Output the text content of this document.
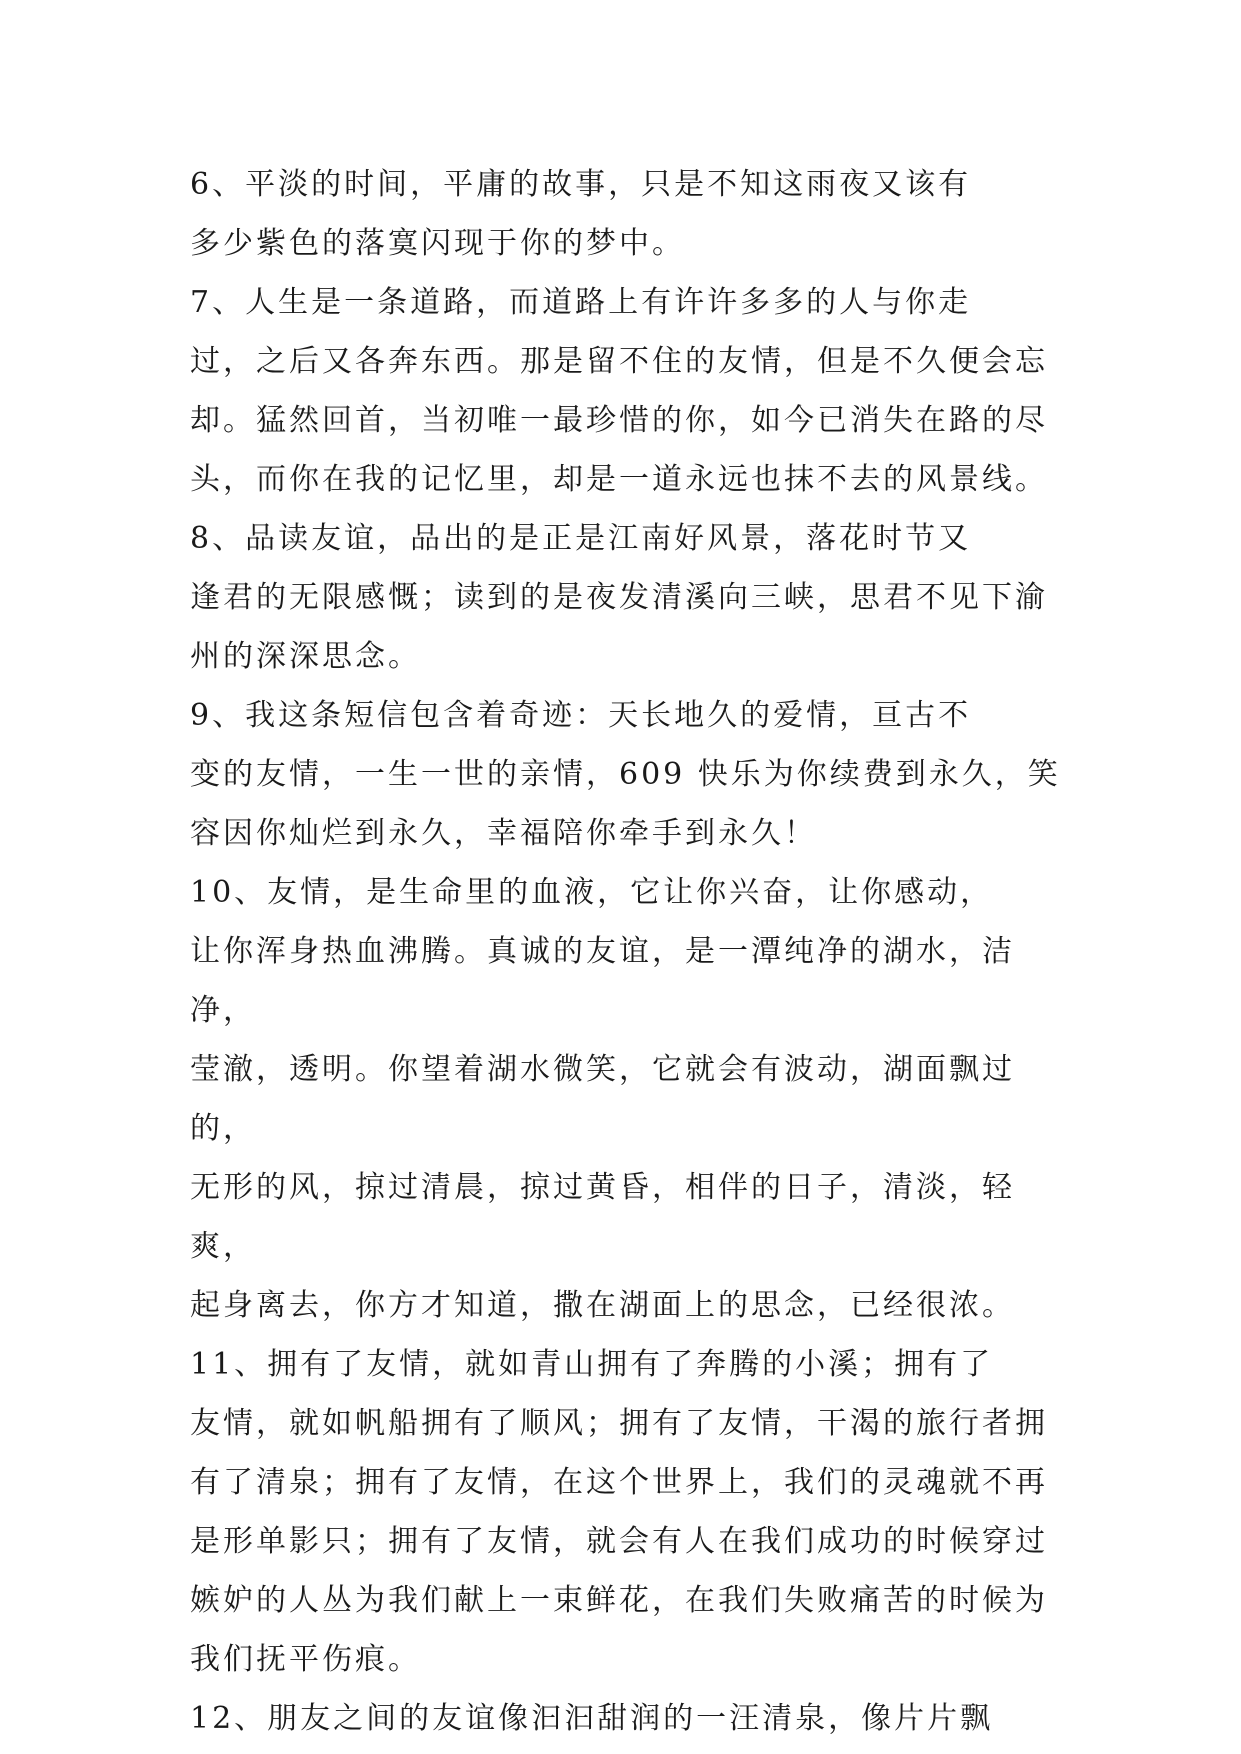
6、平淡的时间，平庸的故事，只是不知这雨夜又该有
多少紫色的落寞闪现于你的梦中。

7、人生是一条道路，而道路上有许许多多的人与你走
过，之后又各奔东西。那是留不住的友情，但是不久便会忘
却。猛然回首，当初唯一最珍惜的你，如今已消失在路的尽
头，而你在我的记忆里，却是一道永远也抹不去的风景线。

8、品读友谊，品出的是正是江南好风景，落花时节又
逢君的无限感慨；读到的是夜发清溪向三峡，思君不见下渝
州的深深思念。

9、我这条短信包含着奇迹：天长地久的爱情，亘古不
变的友情，一生一世的亲情，609 快乐为你续费到永久，笑
容因你灿烂到永久，幸福陪你牵手到永久！

10、友情，是生命里的血液，它让你兴奋，让你感动，
让你浑身热血沸腾。真诚的友谊，是一潭纯净的湖水，洁净，
莹澈，透明。你望着湖水微笑，它就会有波动，湖面飘过的，
无形的风，掠过清晨，掠过黄昏，相伴的日子，清淡，轻爽，
起身离去，你方才知道，撒在湖面上的思念，已经很浓。

11、拥有了友情，就如青山拥有了奔腾的小溪；拥有了
友情，就如帆船拥有了顺风；拥有了友情，干渴的旅行者拥
有了清泉；拥有了友情，在这个世界上，我们的灵魂就不再
是形单影只；拥有了友情，就会有人在我们成功的时候穿过
嫉妒的人丛为我们献上一束鲜花，在我们失败痛苦的时候为
我们抚平伤痕。

12、朋友之间的友谊像汩汩甜润的一汪清泉，像片片飘
